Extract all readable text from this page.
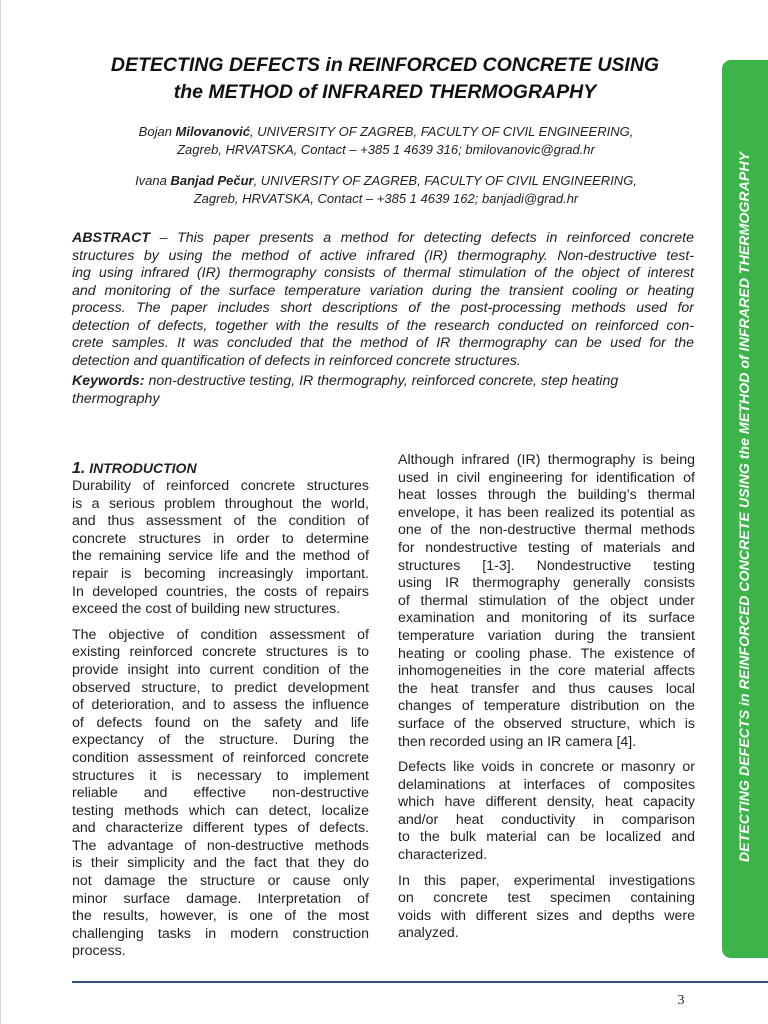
DETECTING DEFECTS in REINFORCED CONCRETE USING
the METHOD of INFRARED THERMOGRAPHY
Bojan Milovanović, UNIVERSITY OF ZAGREB, FACULTY OF CIVIL ENGINEERING,
Zagreb, HRVATSKA, Contact – +385 1 4639 316; bmilovanovic@grad.hr
Ivana Banjad Pečur, UNIVERSITY OF ZAGREB, FACULTY OF CIVIL ENGINEERING,
Zagreb, HRVATSKA, Contact – +385 1 4639 162; banjadi@grad.hr
ABSTRACT – This paper presents a method for detecting defects in reinforced concrete
structures by using the method of active infrared (IR) thermography. Non-destructive test-
ing using infrared (IR) thermography consists of thermal stimulation of the object of interest
and monitoring of the surface temperature variation during the transient cooling or heating
process. The paper includes short descriptions of the post-processing methods used for
detection of defects, together with the results of the research conducted on reinforced con-
crete samples. It was concluded that the method of IR thermography can be used for the
detection and quantification of defects in reinforced concrete structures.
Keywords: non-destructive testing, IR thermography, reinforced concrete, step heating
thermography
1. INTRODUCTION
Durability of reinforced concrete structures
is a serious problem throughout the world,
and thus assessment of the condition of
concrete structures in order to determine
the remaining service life and the method of
repair is becoming increasingly important.
In developed countries, the costs of repairs
exceed the cost of building new structures.
The objective of condition assessment of
existing reinforced concrete structures is to
provide insight into current condition of the
observed structure, to predict development
of deterioration, and to assess the influence
of defects found on the safety and life
expectancy of the structure. During the
condition assessment of reinforced concrete
structures it is necessary to implement
reliable and effective non-destructive
testing methods which can detect, localize
and characterize different types of defects.
The advantage of non-destructive methods
is their simplicity and the fact that they do
not damage the structure or cause only
minor surface damage. Interpretation of
the results, however, is one of the most
challenging tasks in modern construction
process.
Although infrared (IR) thermography is being
used in civil engineering for identification of
heat losses through the building’s thermal
envelope, it has been realized its potential as
one of the non-destructive thermal methods
for nondestructive testing of materials and
structures [1-3]. Nondestructive testing
using IR thermography generally consists
of thermal stimulation of the object under
examination and monitoring of its surface
temperature variation during the transient
heating or cooling phase. The existence of
inhomogeneities in the core material affects
the heat transfer and thus causes local
changes of temperature distribution on the
surface of the observed structure, which is
then recorded using an IR camera [4].
Defects like voids in concrete or masonry or
delaminations at interfaces of composites
which have different density, heat capacity
and/or heat conductivity in comparison
to the bulk material can be localized and
characterized.
In this paper, experimental investigations
on concrete test specimen containing
voids with different sizes and depths were
analyzed.
DETECTING DEFECTS in REINFORCED CONCRETE USING the METHOD of INFRARED THERMOGRAPHY
3
